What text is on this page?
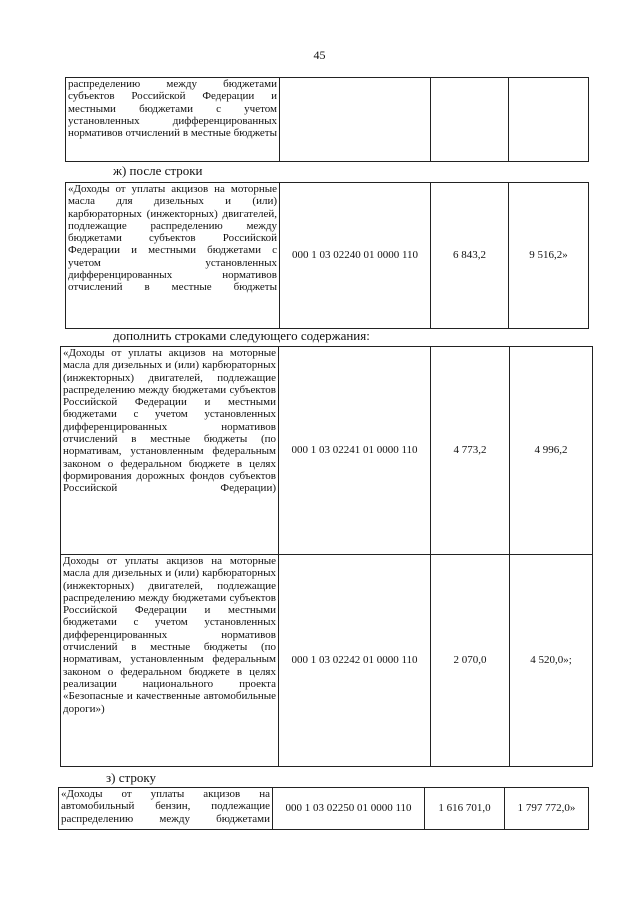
45
распределению между бюджетами субъектов Российской Федерации и местными бюджетами с учетом установленных дифференцированных нормативов отчислений в местные бюджеты			
ж) после строки
«Доходы от уплаты акцизов на моторные масла для дизельных и (или) карбюраторных (инжекторных) двигателей, подлежащие распределению между бюджетами субъектов Российской Федерации и местными бюджетами с учетом установленных дифференцированных нормативов отчислений в местные бюджеты	000 1 03 02240 01 0000 110	6 843,2	9 516,2»
дополнить строками следующего содержания:
«Доходы от уплаты акцизов на моторные масла для дизельных и (или) карбюраторных (инжекторных) двигателей, подлежащие распределению между бюджетами субъектов Российской Федерации и местными бюджетами с учетом установленных дифференцированных нормативов отчислений в местные бюджеты (по нормативам, установленным федеральным законом о федеральном бюджете в целях формирования дорожных фондов субъектов Российской Федерации)	000 1 03 02241 01 0000 110	4 773,2	4 996,2
Доходы от уплаты акцизов на моторные масла для дизельных и (или) карбюраторных (инжекторных) двигателей, подлежащие распределению между бюджетами субъектов Российской Федерации и местными бюджетами с учетом установленных дифференцированных нормативов отчислений в местные бюджеты (по нормативам, установленным федеральным законом о федеральном бюджете в целях реализации национального проекта «Безопасные и качественные автомобильные дороги»)	000 1 03 02242 01 0000 110	2 070,0	4 520,0»;
з) строку
«Доходы от уплаты акцизов на автомобильный бензин, подлежащие распределению между бюджетами	000 1 03 02250 01 0000 110	1 616 701,0	1 797 772,0»
